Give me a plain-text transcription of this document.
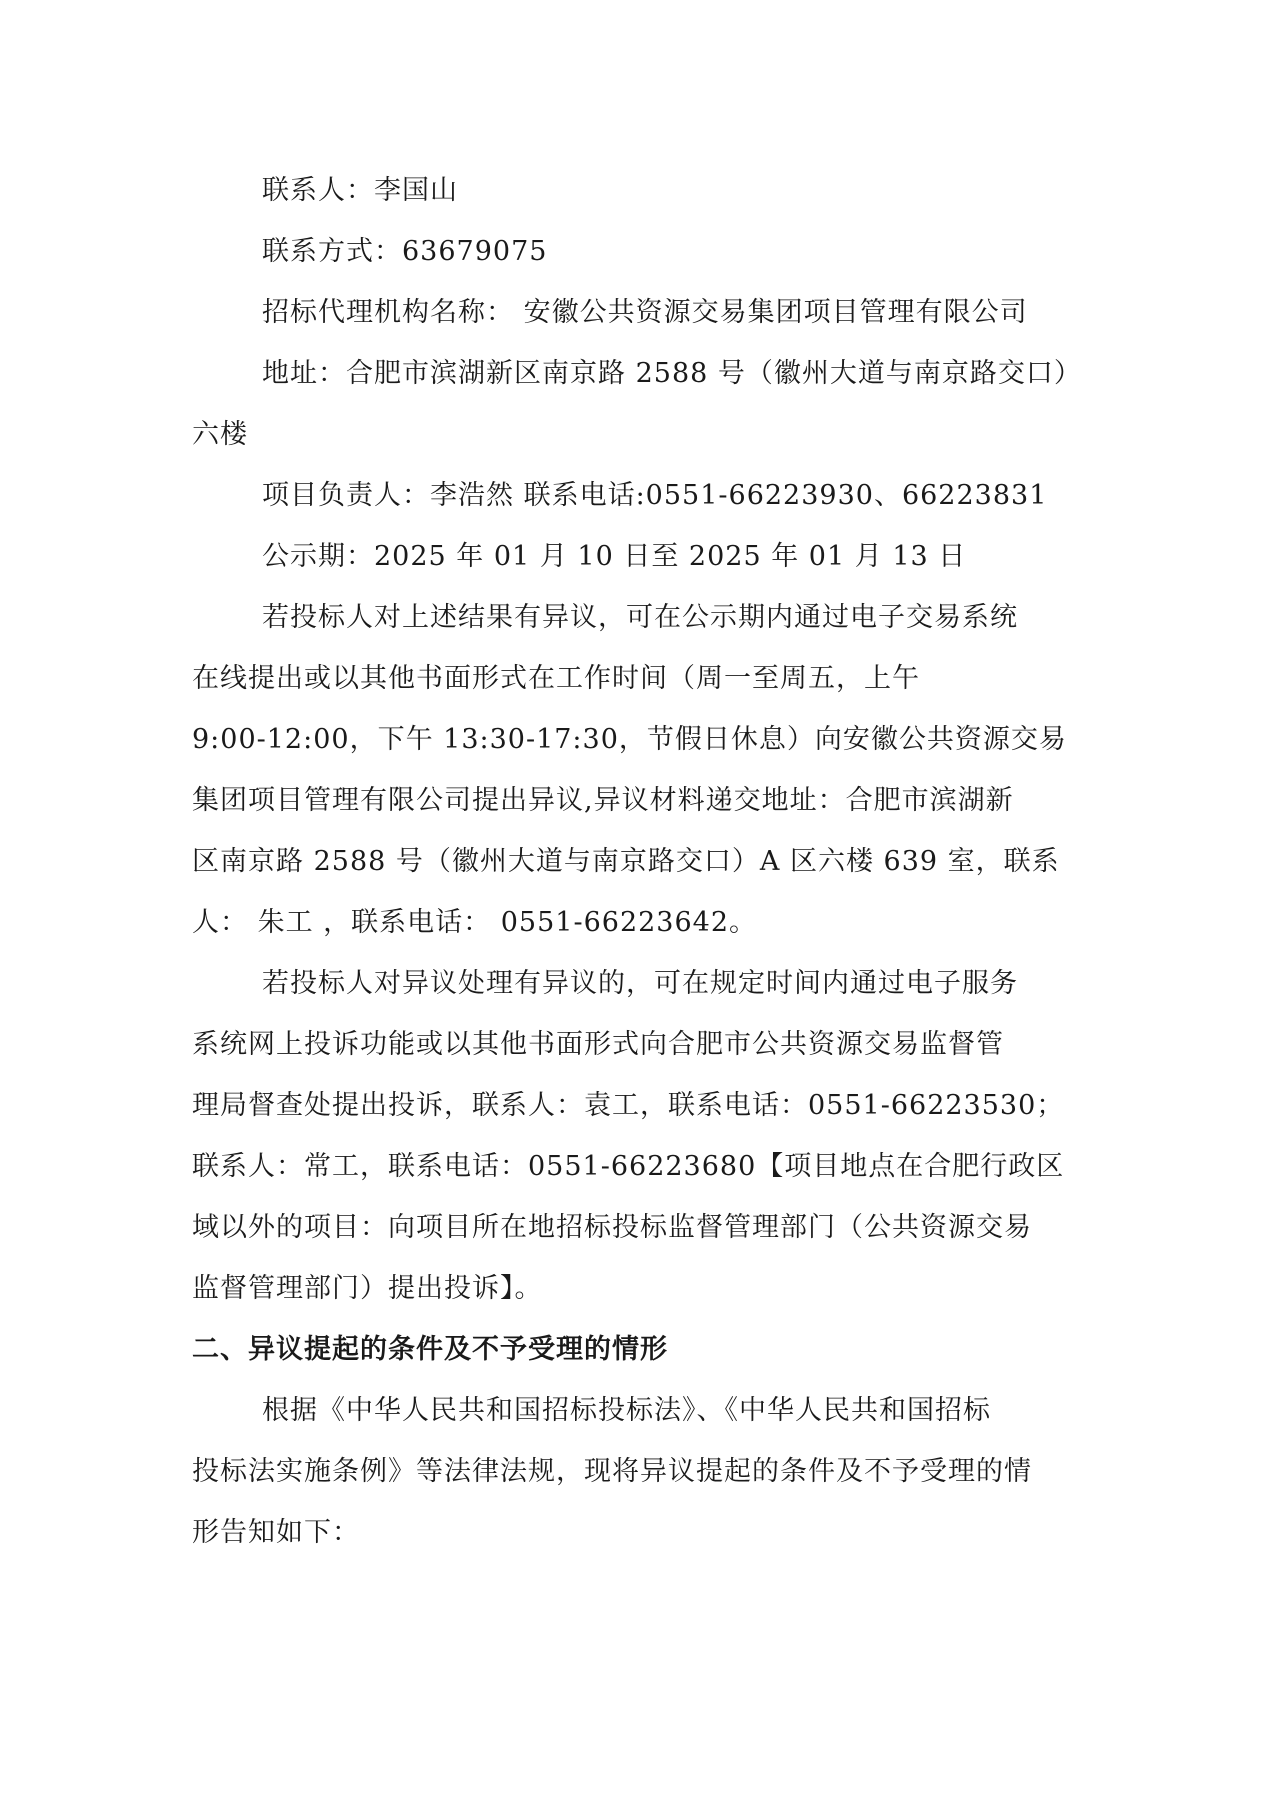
联系人：李国山
联系方式：63679075
招标代理机构名称： 安徽公共资源交易集团项目管理有限公司
地址：合肥市滨湖新区南京路 2588 号（徽州大道与南京路交口）
六楼
项目负责人：李浩然 联系电话:0551-66223930、66223831
公示期：2025 年 01 月 10 日至 2025 年 01 月 13 日
若投标人对上述结果有异议，可在公示期内通过电子交易系统
在线提出或以其他书面形式在工作时间（周一至周五，上午
9:00-12:00，下午 13:30-17:30，节假日休息）向安徽公共资源交易
集团项目管理有限公司提出异议,异议材料递交地址：合肥市滨湖新
区南京路 2588 号（徽州大道与南京路交口）A 区六楼 639 室，联系
人： 朱工 ，联系电话： 0551-66223642。
若投标人对异议处理有异议的，可在规定时间内通过电子服务
系统网上投诉功能或以其他书面形式向合肥市公共资源交易监督管
理局督查处提出投诉，联系人：袁工，联系电话：0551-66223530；
联系人：常工，联系电话：0551-66223680【项目地点在合肥行政区
域以外的项目：向项目所在地招标投标监督管理部门（公共资源交易
监督管理部门）提出投诉】。
二、异议提起的条件及不予受理的情形
根据《中华人民共和国招标投标法》、《中华人民共和国招标
投标法实施条例》等法律法规，现将异议提起的条件及不予受理的情
形告知如下：
